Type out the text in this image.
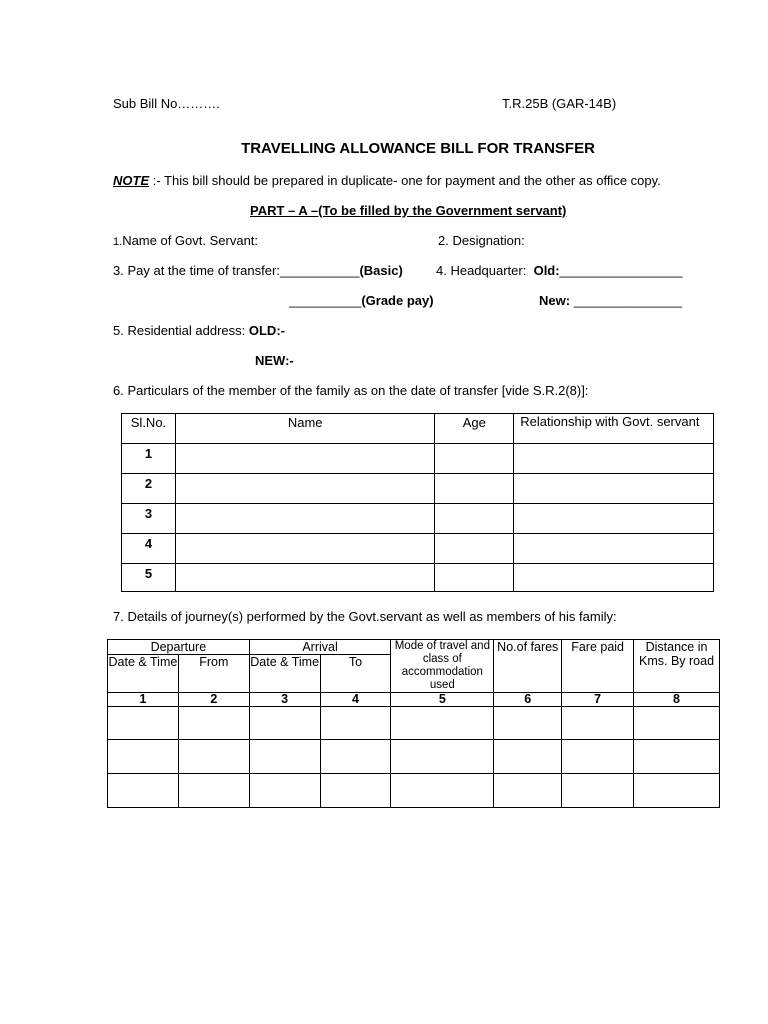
Sub Bill No……….	T.R.25B (GAR-14B)
TRAVELLING ALLOWANCE BILL FOR TRANSFER
NOTE :- This bill should be prepared in duplicate- one for payment and the other as office copy.
PART – A –(To be filled by the Government servant)
1.Name of Govt. Servant:	2. Designation:
3. Pay at the time of transfer:___________(Basic)	4. Headquarter: Old:_________________
__________(Grade pay)	New: _______________
5. Residential address: OLD:-
NEW:-
6. Particulars of the member of the family as on the date of transfer [vide S.R.2(8)]:
Sl.No.	Name	Age	Relationship with Govt. servant
1			
2			
3			
4			
5			
7. Details of journey(s) performed by the Govt.servant as well as members of his family:
Departure		Arrival		Mode of travel and class of accommodation used	No.of fares	Fare paid	Distance in Kms. By road
Date & Time	From	Date & Time	To				
1	2	3	4	5	6	7	8
